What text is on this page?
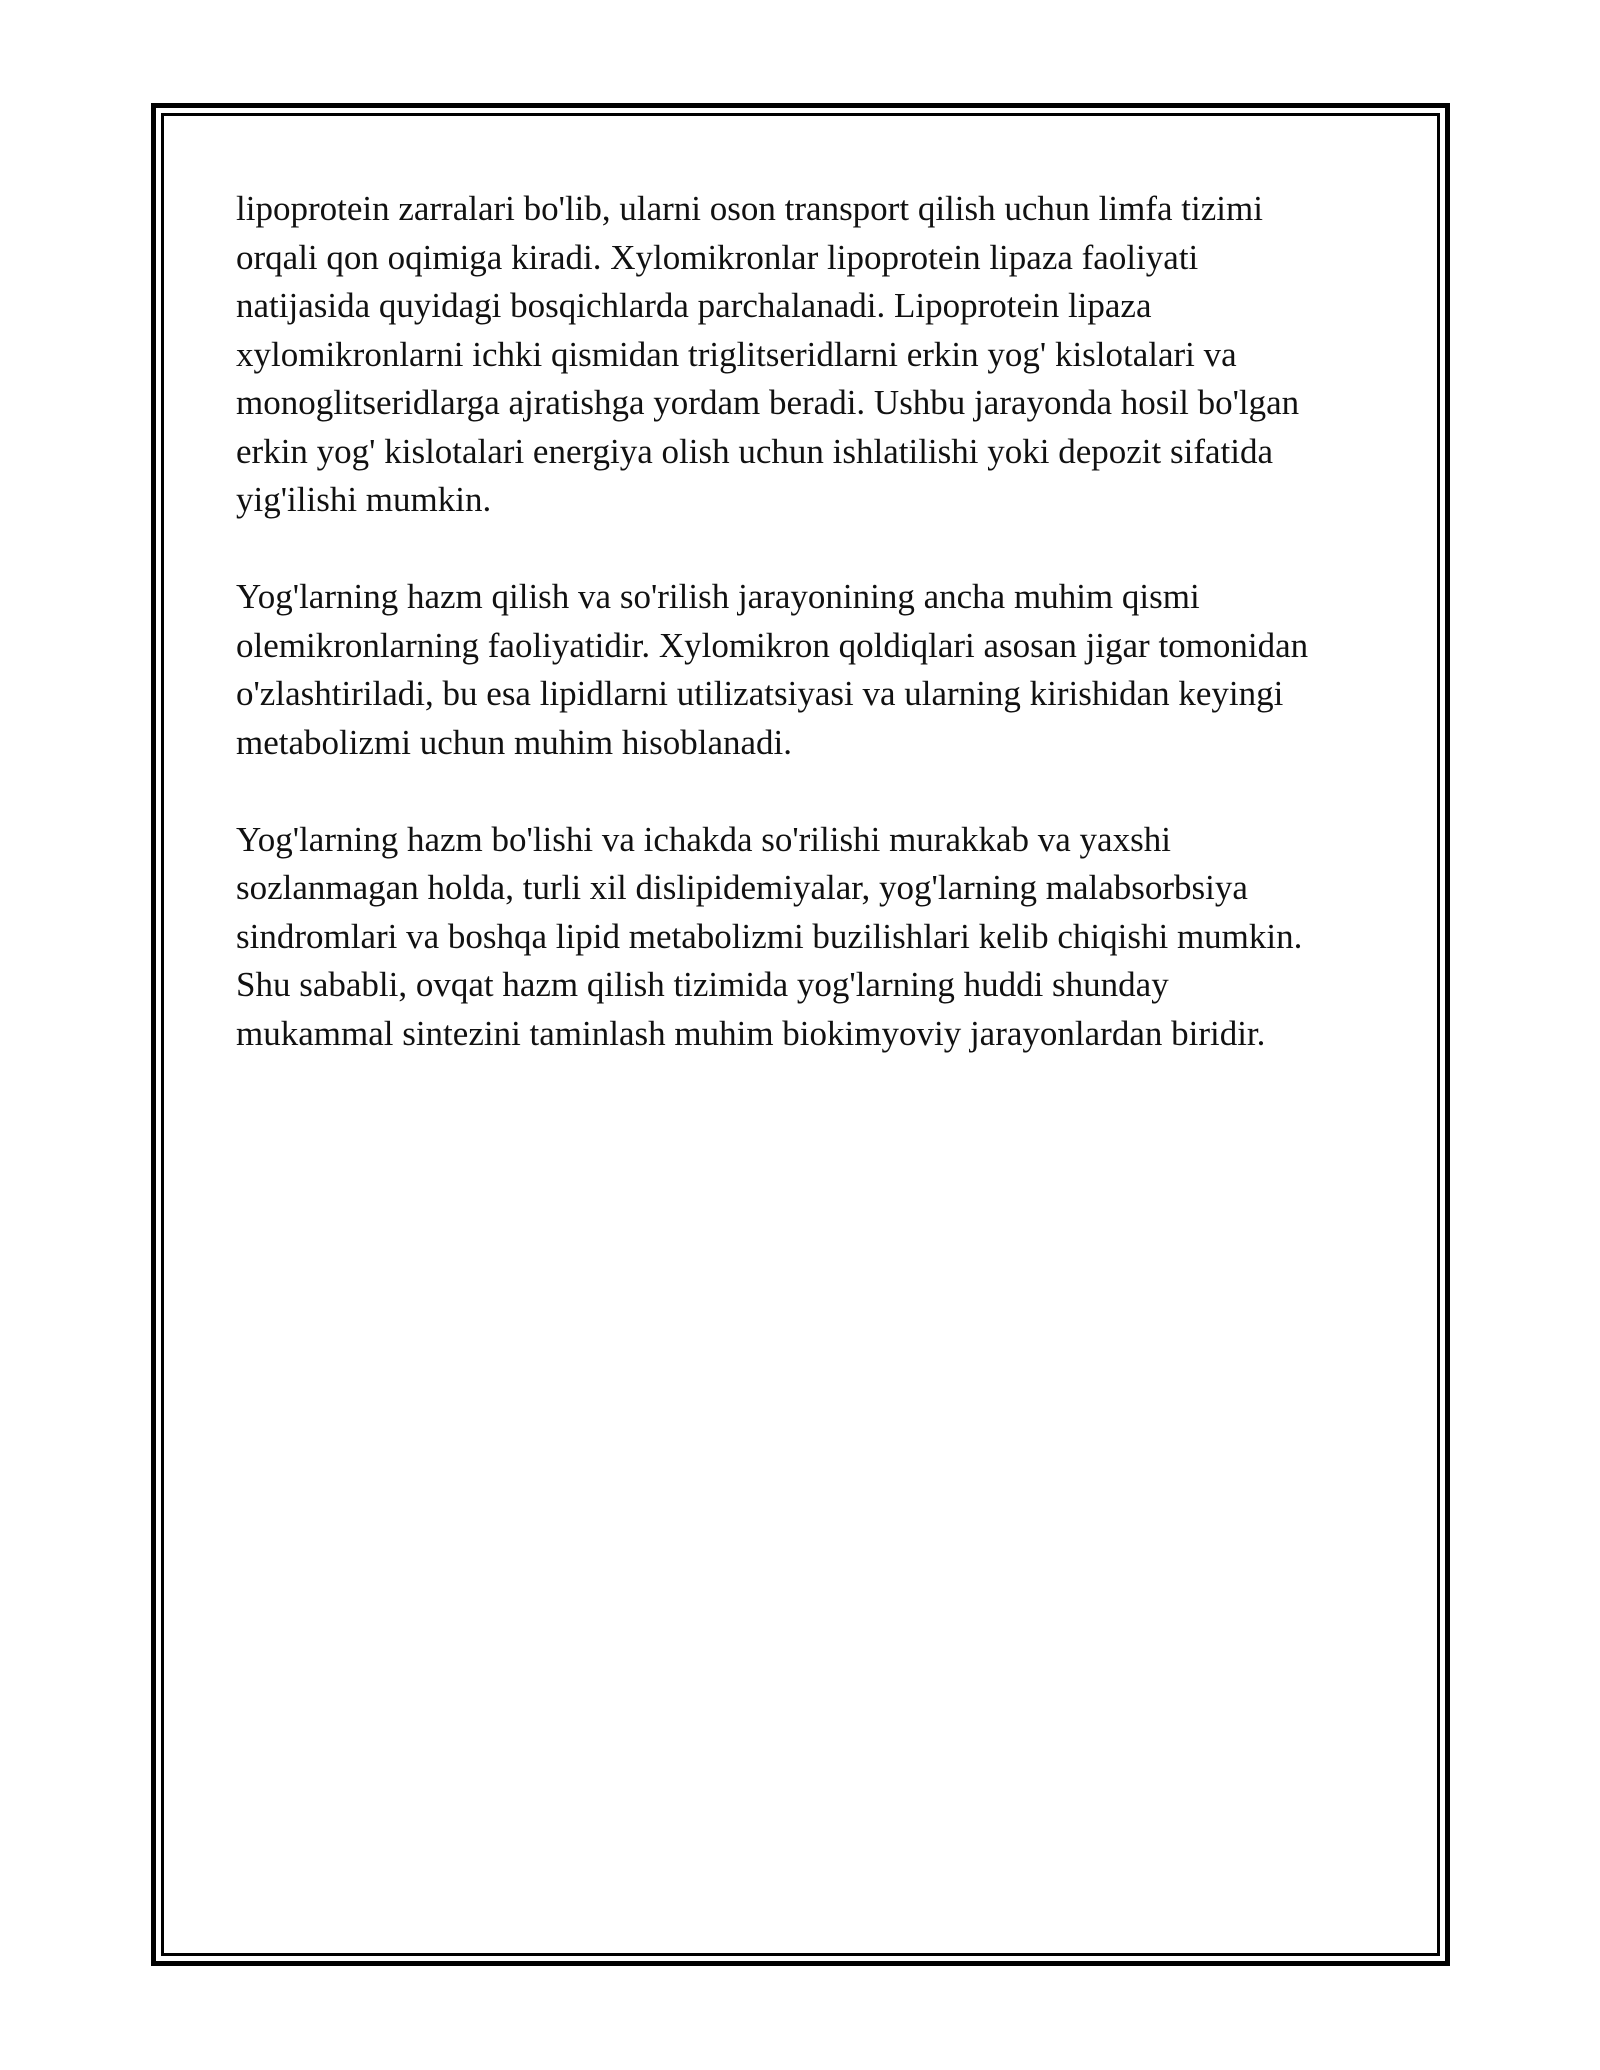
lipoprotein zarralari bo'lib, ularni oson transport qilish uchun limfa tizimi
orqali qon oqimiga kiradi. Xylomikronlar lipoprotein lipaza faoliyati
natijasida quyidagi bosqichlarda parchalanadi. Lipoprotein lipaza
xylomikronlarni ichki qismidan triglitseridlarni erkin yog' kislotalari va
monoglitseridlarga ajratishga yordam beradi. Ushbu jarayonda hosil bo'lgan
erkin yog' kislotalari energiya olish uchun ishlatilishi yoki depozit sifatida
yig'ilishi mumkin.

Yog'larning hazm qilish va so'rilish jarayonining ancha muhim qismi
olemikronlarning faoliyatidir. Xylomikron qoldiqlari asosan jigar tomonidan
o'zlashtiriladi, bu esa lipidlarni utilizatsiyasi va ularning kirishidan keyingi
metabolizmi uchun muhim hisoblanadi.

Yog'larning hazm bo'lishi va ichakda so'rilishi murakkab va yaxshi
sozlanmagan holda, turli xil dislipidemiyalar, yog'larning malabsorbsiya
sindromlari va boshqa lipid metabolizmi buzilishlari kelib chiqishi mumkin.
Shu sababli, ovqat hazm qilish tizimida yog'larning huddi shunday
mukammal sintezini taminlash muhim biokimyoviy jarayonlardan biridir.
